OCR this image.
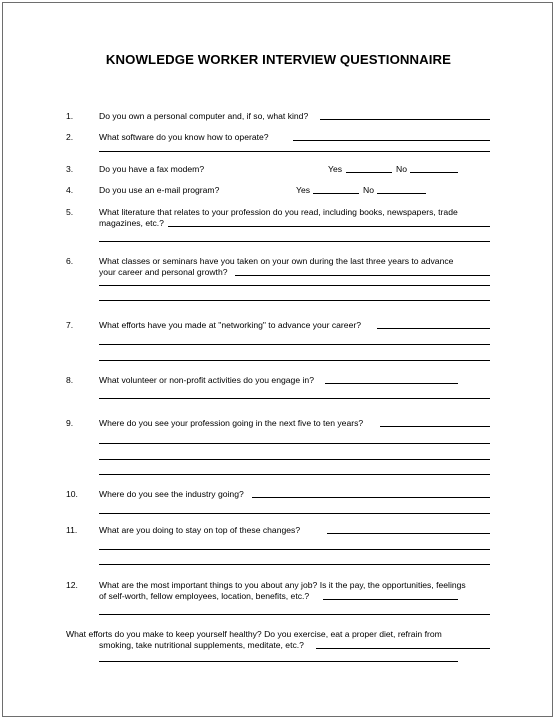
KNOWLEDGE WORKER INTERVIEW QUESTIONNAIRE
1.	Do you own a personal computer and, if so, what kind?
2.	What software do you know how to operate?
3.	Do you have a fax modem?	Yes	No
4.	Do you use an e-mail program?	Yes	No
5.	What literature that relates to your profession do you read, including books, newspapers, trade
magazines, etc.?
6.	What classes or seminars have you taken on your own during the last three years to advance
your career and personal growth?
7.	What efforts have you made at "networking" to advance your career?
8.	What volunteer or non-profit activities do you engage in?
9.	Where do you see your profession going in the next five to ten years?
10. Where do you see the industry going?
11.	What are you doing to stay on top of these changes?
12. What are the most important things to you about any job? Is it the pay, the opportunities, feelings
of self-worth, fellow employees, location, benefits, etc.?
What efforts do you make to keep yourself healthy? Do you exercise, eat a proper diet, refrain from
smoking, take nutritional supplements, meditate, etc.?
